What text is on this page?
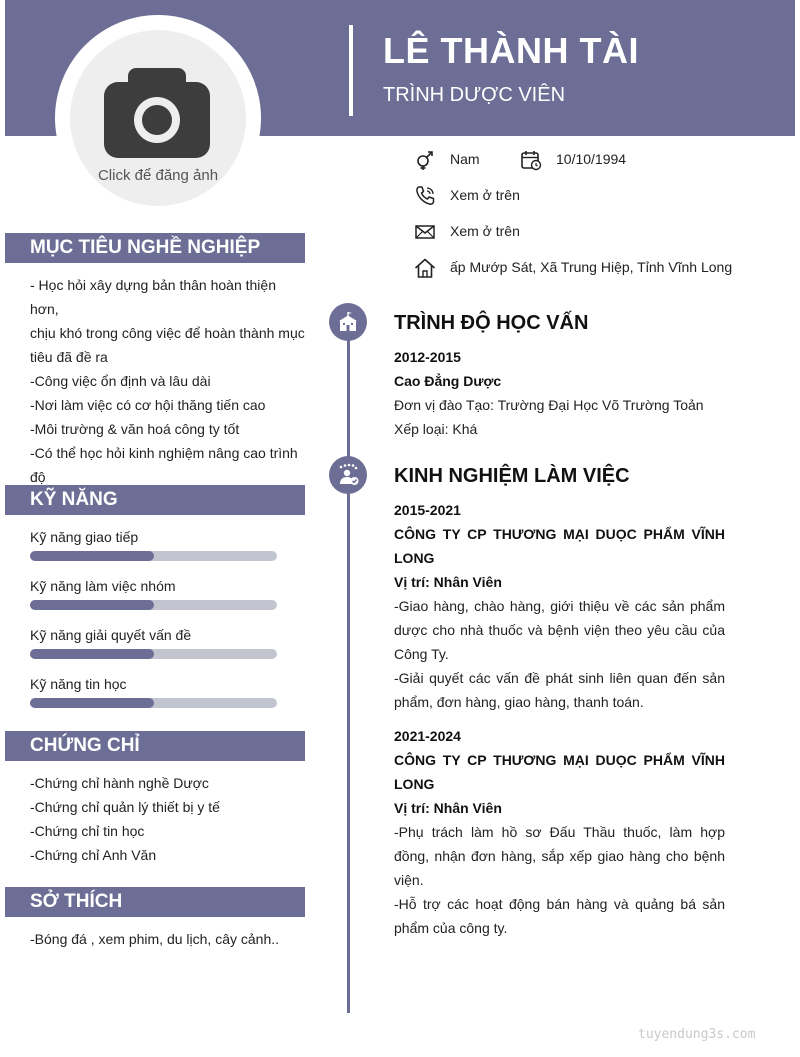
LÊ THÀNH TÀI
TRÌNH DƯỢC VIÊN
Click để đăng ảnh
Nam	10/10/1994
Xem ở trên
Xem ở trên
ấp Mướp Sát, Xã Trung Hiệp, Tỉnh Vĩnh Long
MỤC TIÊU NGHỀ NGHIỆP
- Học hỏi xây dựng bản thân hoàn thiện hơn,
chịu khó trong công việc để hoàn thành mục
tiêu đã đề ra
-Công việc ổn định và lâu dài
-Nơi làm việc có cơ hội thăng tiến cao
-Môi trường & văn hoá công ty tốt
-Có thể học hỏi kinh nghiệm nâng cao trình
độ
KỸ NĂNG
Kỹ năng giao tiếp
Kỹ năng làm việc nhóm
Kỹ năng giải quyết vấn đề
Kỹ năng tin học
CHỨNG CHỈ
-Chứng chỉ hành nghề Dược
-Chứng chỉ quản lý thiết bị y tế
-Chứng chỉ tin học
-Chứng chỉ Anh Văn
SỞ THÍCH
-Bóng đá , xem phim, du lịch, cây cảnh..
TRÌNH ĐỘ HỌC VẤN
2012-2015
Cao Đẳng Dược
Đơn vị đào Tạo: Trường Đại Học Võ Trường Toản
Xếp loại: Khá
KINH NGHIỆM LÀM VIỆC
2015-2021
CÔNG TY CP THƯƠNG MẠI DUỌC PHẨM VĨNH LONG
Vị trí: Nhân Viên
-Giao hàng, chào hàng, giới thiệu về các sản phẩm dược cho nhà thuốc và bệnh viện theo yêu cầu của Công Ty.
-Giải quyết các vấn đề phát sinh liên quan đến sản phẩm, đơn hàng, giao hàng, thanh toán.
2021-2024
CÔNG TY CP THƯƠNG MẠI DUỌC PHẨM VĨNH LONG
Vị trí: Nhân Viên
-Phụ trách làm hồ sơ Đấu Thầu thuốc, làm hợp đồng, nhận đơn hàng, sắp xếp giao hàng cho bệnh viện.
-Hỗ trợ các hoạt động bán hàng và quảng bá sản phẩm của công ty.
tuyendung3s.com
